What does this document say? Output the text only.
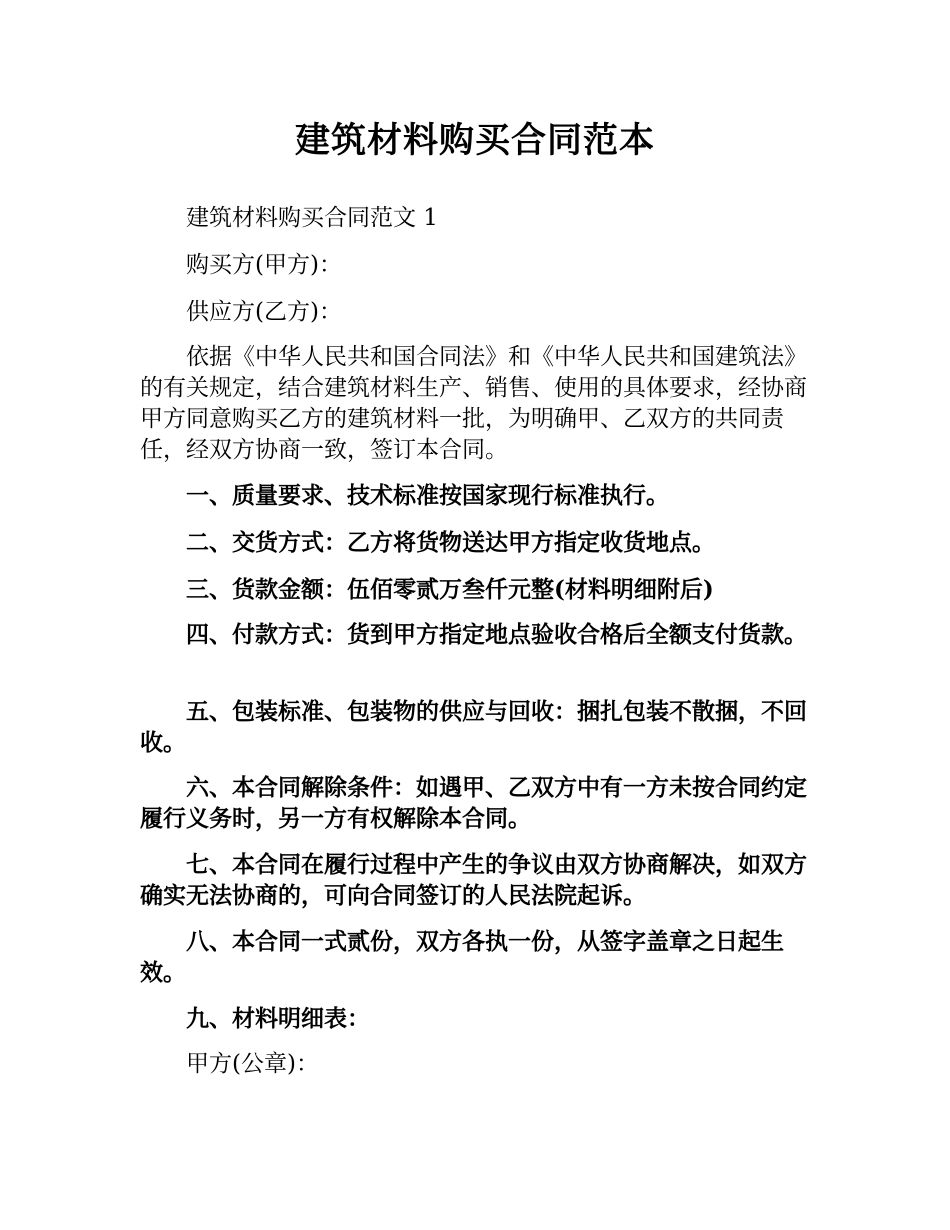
建筑材料购买合同范本
建筑材料购买合同范文 1
购买方(甲方)：
供应方(乙方)：
依据《中华人民共和国合同法》和《中华人民共和国建筑法》的有关规定，结合建筑材料生产、销售、使用的具体要求，经协商甲方同意购买乙方的建筑材料一批，为明确甲、乙双方的共同责任，经双方协商一致，签订本合同。
一、质量要求、技术标准按国家现行标准执行。
二、交货方式：乙方将货物送达甲方指定收货地点。
三、货款金额：伍佰零贰万叁仟元整(材料明细附后)
四、付款方式：货到甲方指定地点验收合格后全额支付货款。
五、包装标准、包装物的供应与回收：捆扎包装不散捆，不回收。
六、本合同解除条件：如遇甲、乙双方中有一方未按合同约定履行义务时，另一方有权解除本合同。
七、本合同在履行过程中产生的争议由双方协商解决，如双方确实无法协商的，可向合同签订的人民法院起诉。
八、本合同一式贰份，双方各执一份，从签字盖章之日起生效。
九、材料明细表：
甲方(公章)：
